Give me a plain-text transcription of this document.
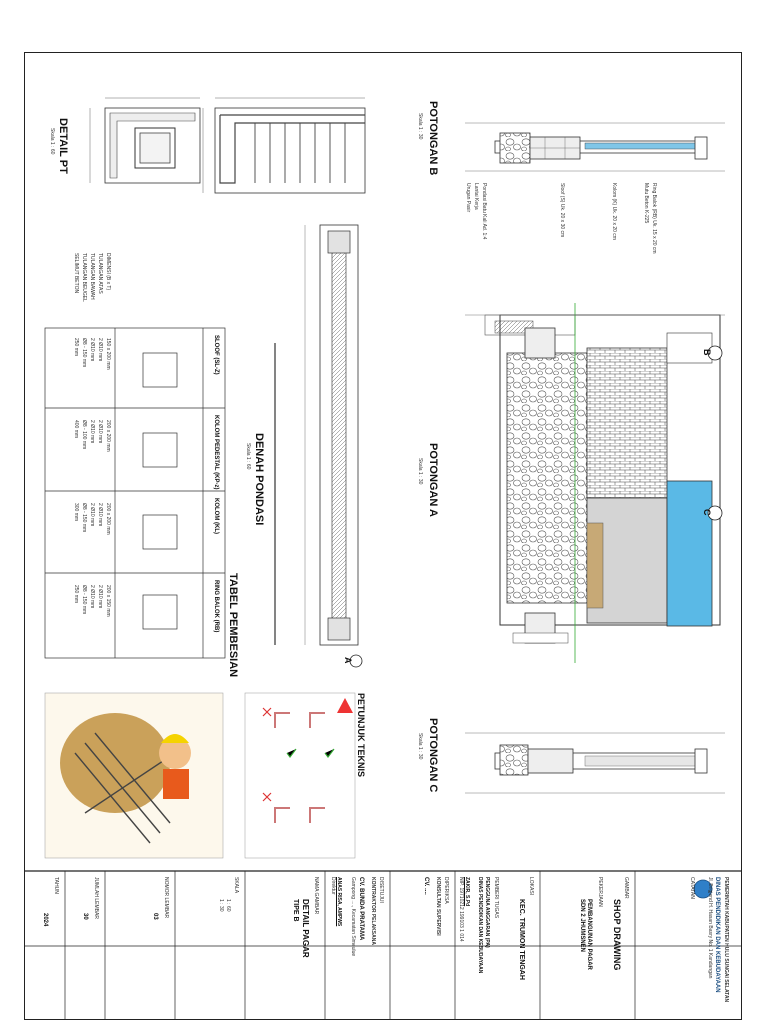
DETAIL PT
Skala 1 : 60	POTONGAN B
Skala 1 : 30
POTONGAN A
Skala 1 : 30
POTONGAN C
Skala 1 : 30
DENAH PONDASI
Skala 1 : 60
TABEL PEMBESIAN
PETUNJUK TEKNIS
B
C
A
Ring Balok (RB) Uk. 15 x 20 cm
Mutu Beton K-225
Kolom (K) Uk. 20 x 20 cm
Sloof (S) Uk. 20 x 30 cm
Pondasi Batu Kali Ad. 1:4
Lantai Kerja
Urugan Pasir
SLOOF (SL-Z)
KOLOM PEDESTAL (KP-z)
KOLOM (KL)
RING BALOK (RB)
DIMENSI (B x T)
TULANGAN ATAS
TULANGAN BAWAH
TULANGAN BEUGEL
SELIMUT BETON
150 x 200 mm
2 Ø10 mm
2 Ø10 mm
Ø8 - 150 mm
250 mm
200 x 200 mm
2 Ø10 mm
2 Ø10 mm
Ø8 - 100 mm
400 mm
200 x 200 mm
2 Ø10 mm
2 Ø10 mm
Ø8 - 150 mm
300 mm
200 x 150 mm
2 Ø10 mm
2 Ø10 mm
Ø8 - 150 mm
250 mm
PEMERINTAH KABUPATEN HULU SUNGAI SELATAN
DINAS PENDIDIKAN DAN KEBUDAYAAN
Jl. Brigjend H. Hasan Basry No. 1 Kandangan
CATATAN
GAMBAR
SHOP DRAWING
PEKERJAAN
PEMBANGUNAN PAGAR
SDN 2 JHUMSNEN
LOKASI
KEC. TRUMON TENGAH
PEMBERI TUGAS
PENGGUNA ANGGARAN (PA)
DINAS PENDIDIKAN DAN KEBUDAYAAN
ZAKIR, S.Pd
NIP. 19710212 199103 1 014
DIPERIKSA
KONSULTAN SUPERVISI
CV. ....
DISETUJUI
KONTRAKTOR PELAKSANA
CV. BUNDA PRATAMA
Gampong ...., Kecamatan Simeulue
ANAS RISA, AMPWS
Direktur
NAMA GAMBAR
DETAIL PAGAR
TIPE B
SKALA
1 : 60
1 : 30
NOMOR LEMBAR
03
JUMLAH LEMBAR
30
TAHUN
2024
